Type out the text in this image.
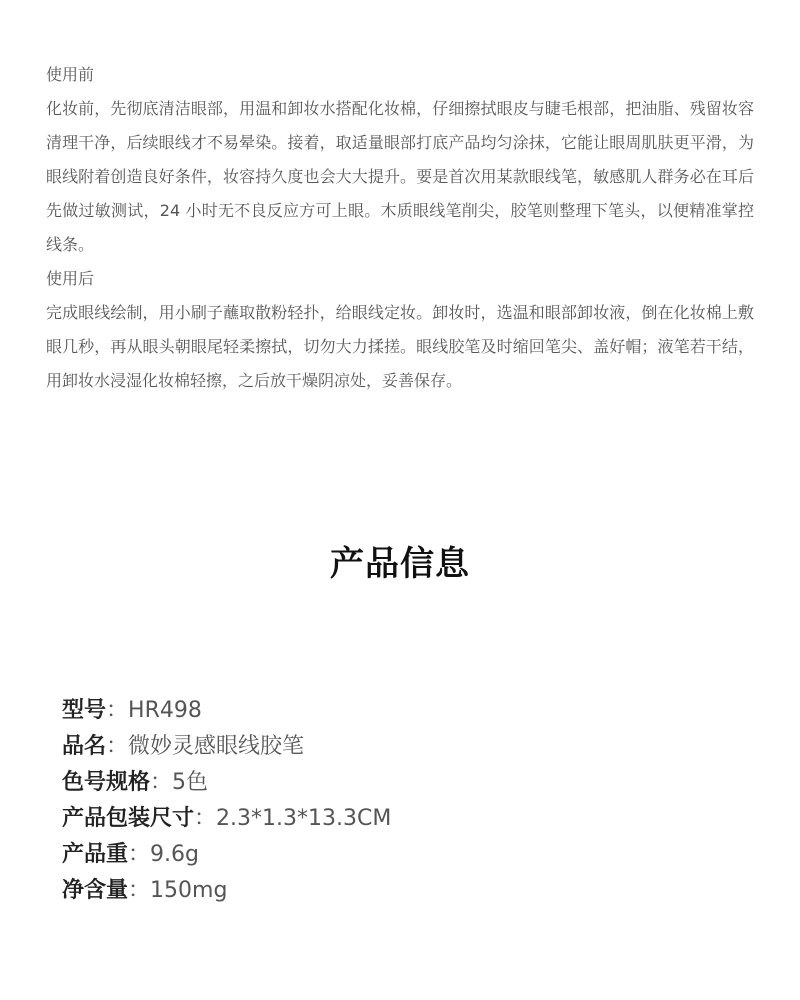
使用前

化妆前，先彻底清洁眼部，用温和卸妆水搭配化妆棉，仔细擦拭眼皮与睫毛根部，把油脂、残留妆容清理干净，后续眼线才不易晕染。接着，取适量眼部打底产品均匀涂抹，它能让眼周肌肤更平滑，为眼线附着创造良好条件，妆容持久度也会大大提升。要是首次用某款眼线笔，敏感肌人群务必在耳后先做过敏测试，24 小时无不良反应方可上眼。木质眼线笔削尖，胶笔则整理下笔头，以便精准掌控线条。

使用后

完成眼线绘制，用小刷子蘸取散粉轻扑，给眼线定妆。卸妆时，选温和眼部卸妆液，倒在化妆棉上敷眼几秒，再从眼头朝眼尾轻柔擦拭，切勿大力揉搓。眼线胶笔及时缩回笔尖、盖好帽；液笔若干结，用卸妆水浸湿化妆棉轻擦，之后放干燥阴凉处，妥善保存。

产品信息
型号：HR498
品名：微妙灵感眼线胶笔
色号规格：5色
产品包装尺寸：2.3*1.3*13.3CM
产品重：9.6g
净含量：150mg
